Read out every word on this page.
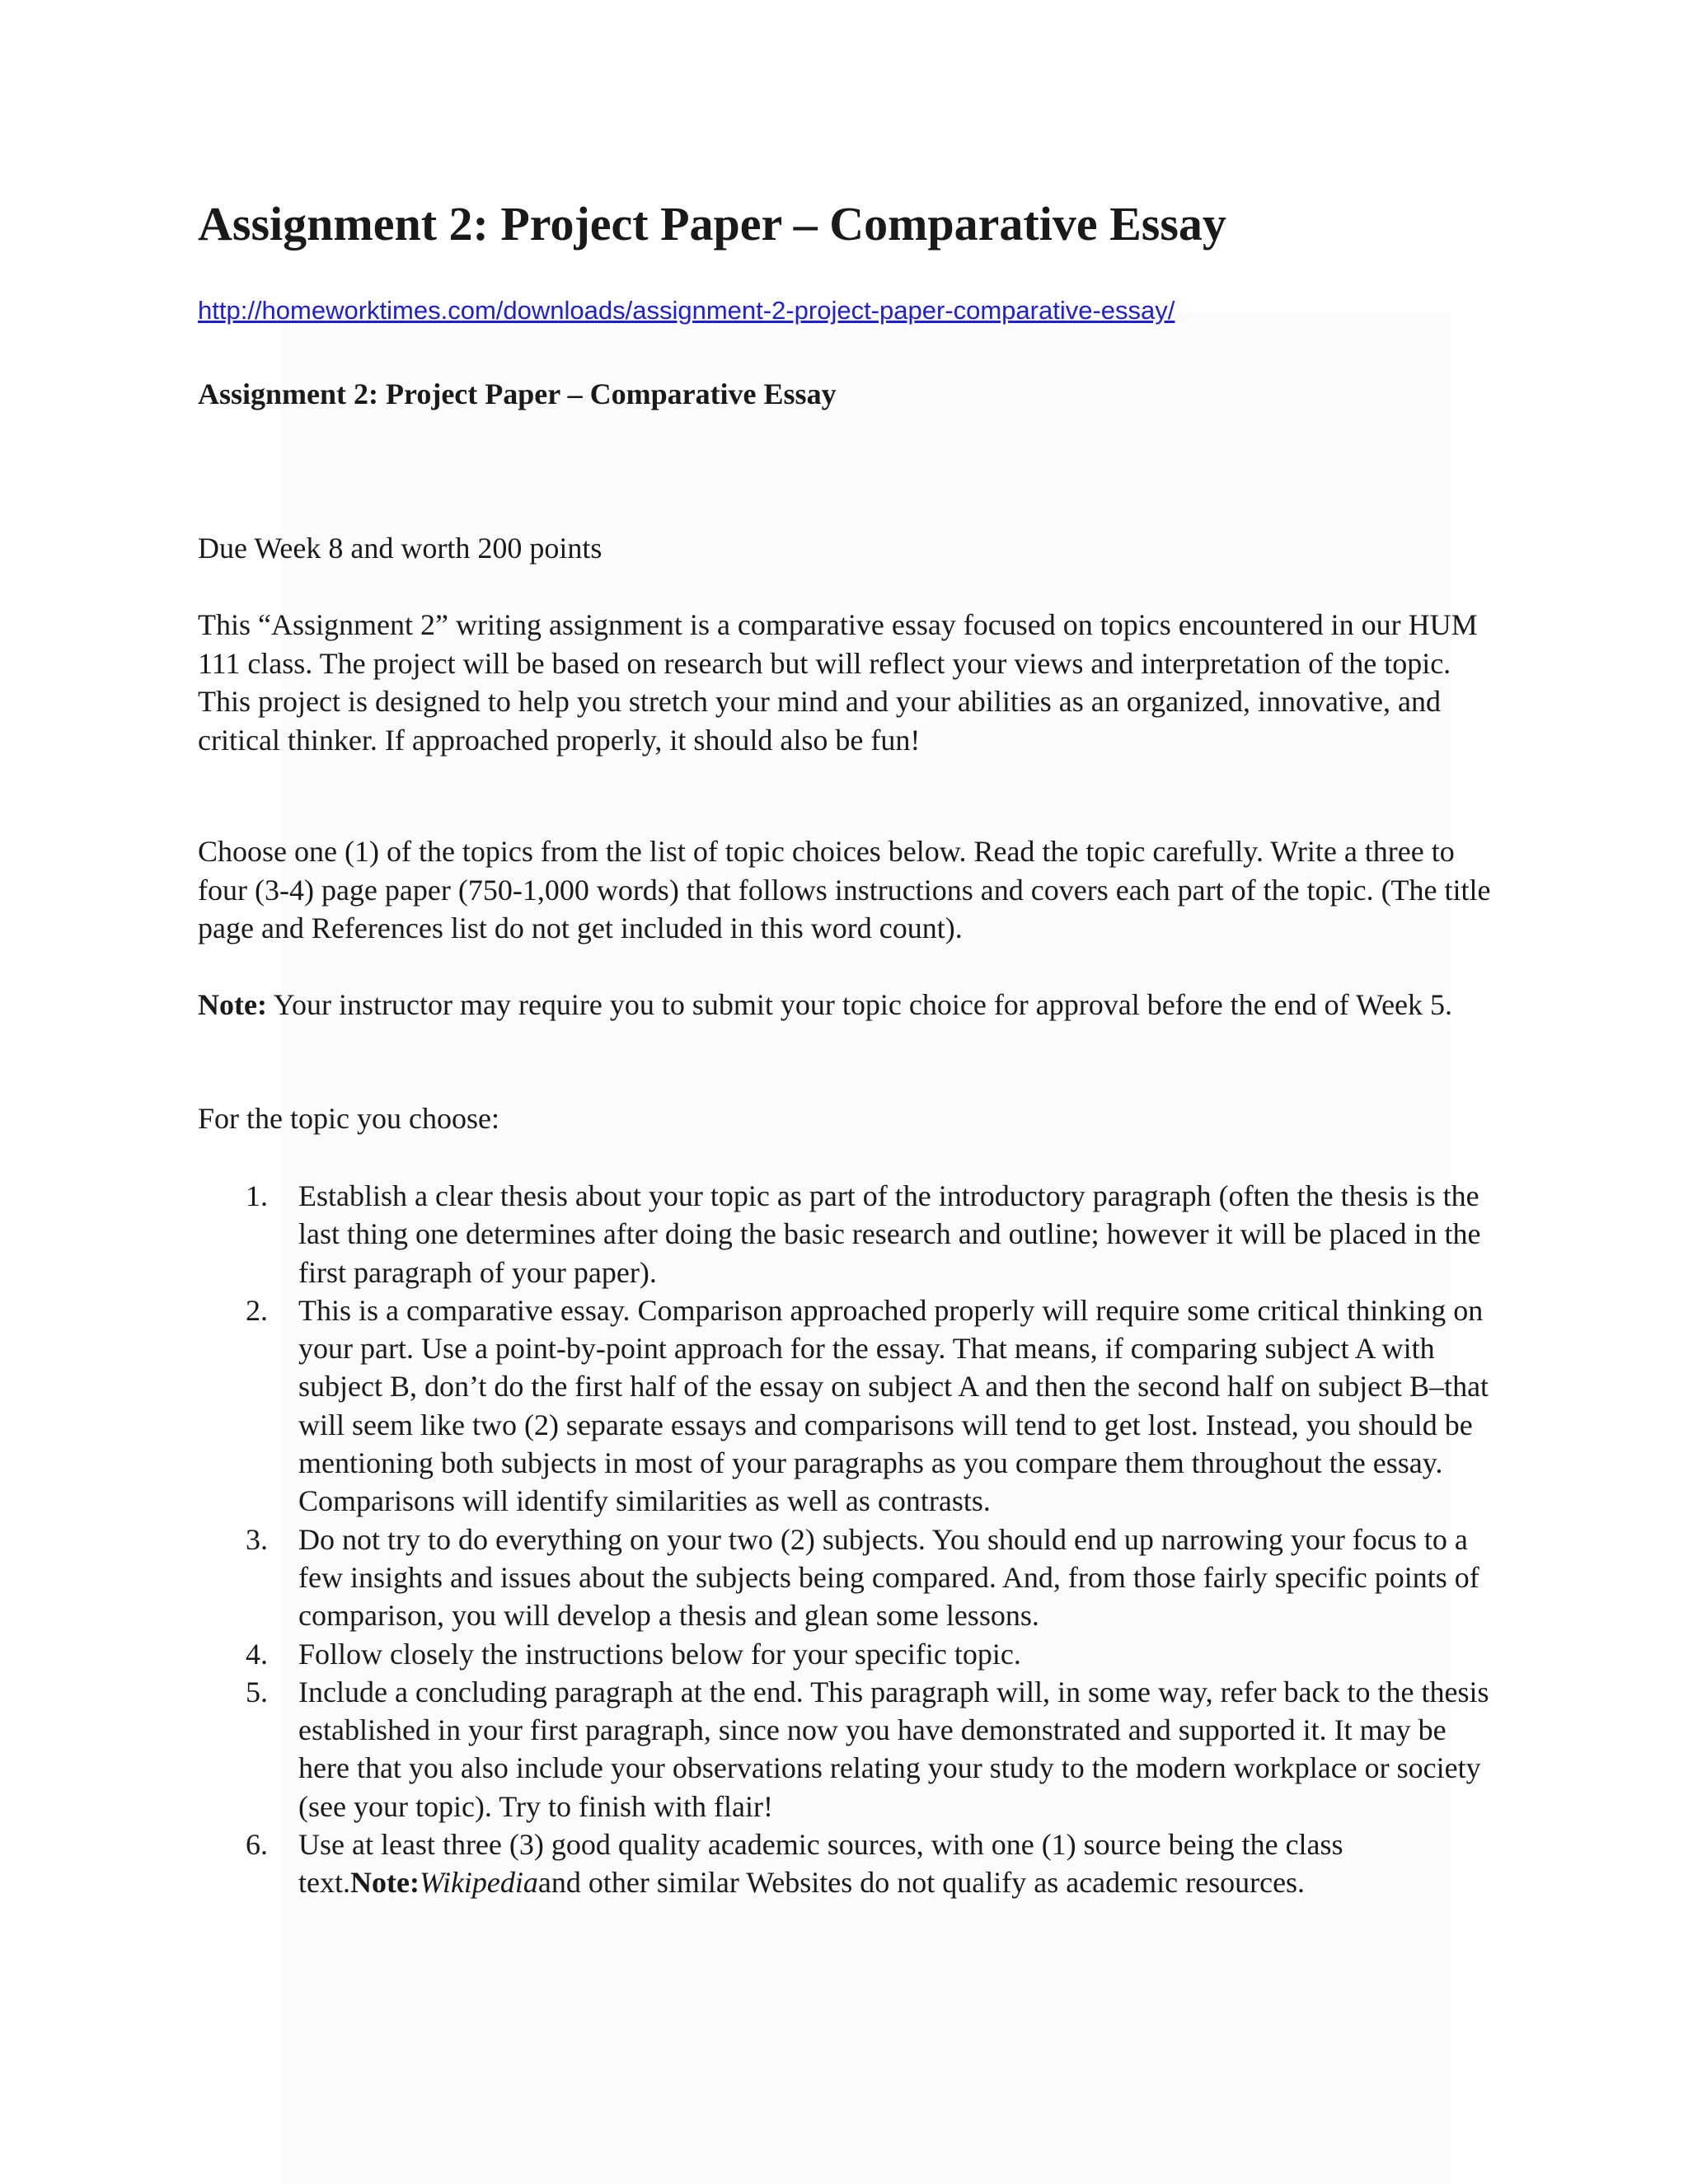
Assignment 2: Project Paper – Comparative Essay
http://homeworktimes.com/downloads/assignment-2-project-paper-comparative-essay/
Assignment 2: Project Paper – Comparative Essay

Due Week 8 and worth 200 points

This “Assignment 2” writing assignment is a comparative essay focused on topics encountered in our HUM 111 class. The project will be based on research but will reflect your views and interpretation of the topic. This project is designed to help you stretch your mind and your abilities as an organized, innovative, and critical thinker. If approached properly, it should also be fun!

Choose one (1) of the topics from the list of topic choices below. Read the topic carefully. Write a three to four (3-4) page paper (750-1,000 words) that follows instructions and covers each part of the topic. (The title page and References list do not get included in this word count).

Note: Your instructor may require you to submit your topic choice for approval before the end of Week 5.

For the topic you choose:

1. Establish a clear thesis about your topic as part of the introductory paragraph (often the thesis is the last thing one determines after doing the basic research and outline; however it will be placed in the first paragraph of your paper).
2. This is a comparative essay. Comparison approached properly will require some critical thinking on your part. Use a point-by-point approach for the essay. That means, if comparing subject A with subject B, don’t do the first half of the essay on subject A and then the second half on subject B–that will seem like two (2) separate essays and comparisons will tend to get lost. Instead, you should be mentioning both subjects in most of your paragraphs as you compare them throughout the essay. Comparisons will identify similarities as well as contrasts.
3. Do not try to do everything on your two (2) subjects. You should end up narrowing your focus to a few insights and issues about the subjects being compared. And, from those fairly specific points of comparison, you will develop a thesis and glean some lessons.
4. Follow closely the instructions below for your specific topic.
5. Include a concluding paragraph at the end. This paragraph will, in some way, refer back to the thesis established in your first paragraph, since now you have demonstrated and supported it. It may be here that you also include your observations relating your study to the modern workplace or society (see your topic). Try to finish with flair!
6. Use at least three (3) good quality academic sources, with one (1) source being the class text.Note:Wikipediaand other similar Websites do not qualify as academic resources.
